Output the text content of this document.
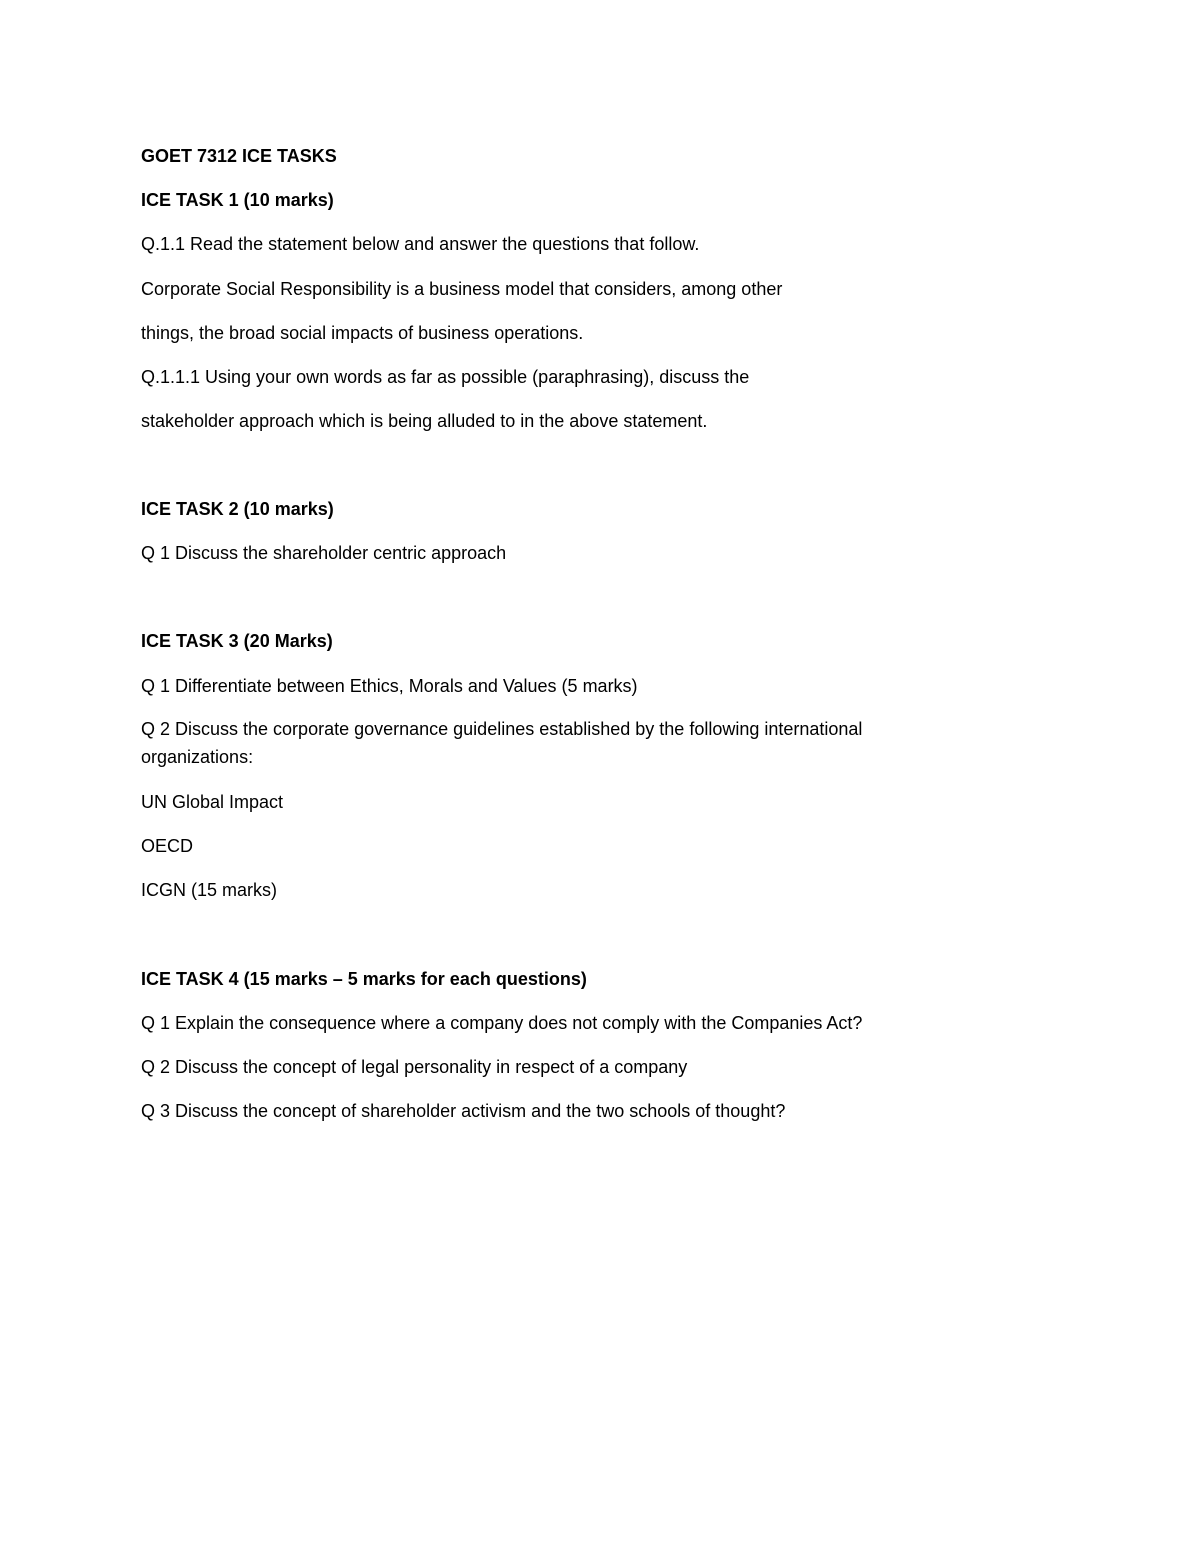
GOET 7312 ICE TASKS
ICE TASK 1 (10 marks)
Q.1.1 Read the statement below and answer the questions that follow.
Corporate Social Responsibility is a business model that considers, among other
things, the broad social impacts of business operations.
Q.1.1.1 Using your own words as far as possible (paraphrasing), discuss the
stakeholder approach which is being alluded to in the above statement.
ICE TASK 2 (10 marks)
Q 1 Discuss the shareholder centric approach
ICE TASK 3 (20 Marks)
Q 1 Differentiate between Ethics, Morals and Values (5 marks)
Q 2 Discuss the corporate governance guidelines established by the following international organizations:
UN Global Impact
OECD
ICGN (15 marks)
ICE TASK 4 (15 marks – 5 marks for each questions)
Q 1 Explain the consequence where a company does not comply with the Companies Act?
Q 2 Discuss the concept of legal personality in respect of a company
Q 3 Discuss the concept of shareholder activism and the two schools of thought?
